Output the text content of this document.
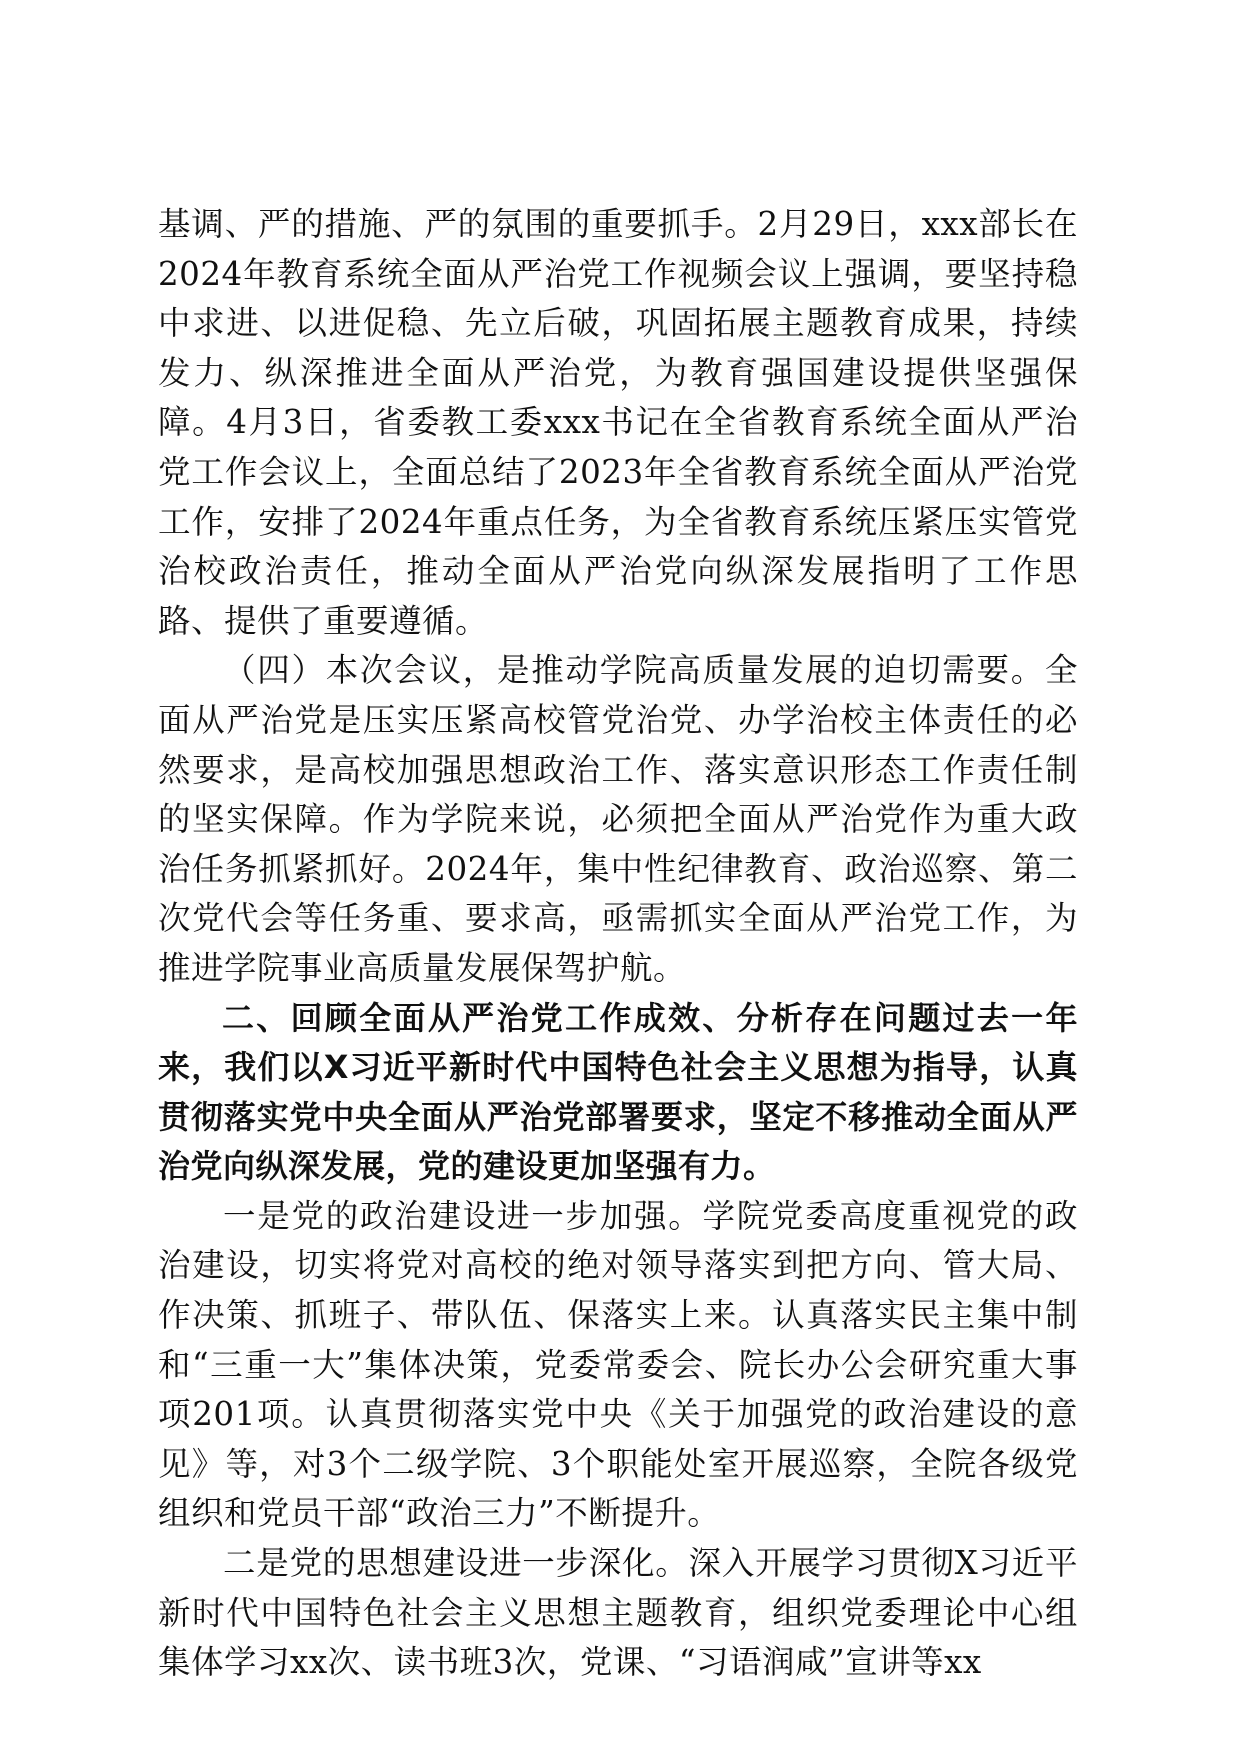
基调、严的措施、严的氛围的重要抓手。2月29日，xxx部长在2024年教育系统全面从严治党工作视频会议上强调，要坚持稳中求进、以进促稳、先立后破，巩固拓展主题教育成果，持续发力、纵深推进全面从严治党，为教育强国建设提供坚强保障。4月3日，省委教工委xxx书记在全省教育系统全面从严治党工作会议上，全面总结了2023年全省教育系统全面从严治党工作，安排了2024年重点任务，为全省教育系统压紧压实管党治校政治责任，推动全面从严治党向纵深发展指明了工作思路、提供了重要遵循。

（四）本次会议，是推动学院高质量发展的迫切需要。全面从严治党是压实压紧高校管党治党、办学治校主体责任的必然要求，是高校加强思想政治工作、落实意识形态工作责任制的坚实保障。作为学院来说，必须把全面从严治党作为重大政治任务抓紧抓好。2024年，集中性纪律教育、政治巡察、第二次党代会等任务重、要求高，亟需抓实全面从严治党工作，为推进学院事业高质量发展保驾护航。

二、回顾全面从严治党工作成效、分析存在问题过去一年来，我们以X习近平新时代中国特色社会主义思想为指导，认真贯彻落实党中央全面从严治党部署要求，坚定不移推动全面从严治党向纵深发展，党的建设更加坚强有力。

一是党的政治建设进一步加强。学院党委高度重视党的政治建设，切实将党对高校的绝对领导落实到把方向、管大局、作决策、抓班子、带队伍、保落实上来。认真落实民主集中制和“三重一大”集体决策，党委常委会、院长办公会研究重大事项201项。认真贯彻落实党中央《关于加强党的政治建设的意见》等，对3个二级学院、3个职能处室开展巡察，全院各级党组织和党员干部“政治三力”不断提升。

二是党的思想建设进一步深化。深入开展学习贯彻X习近平新时代中国特色社会主义思想主题教育，组织党委理论中心组集体学习xx次、读书班3次，党课、“习语润咸”宣讲等xx
